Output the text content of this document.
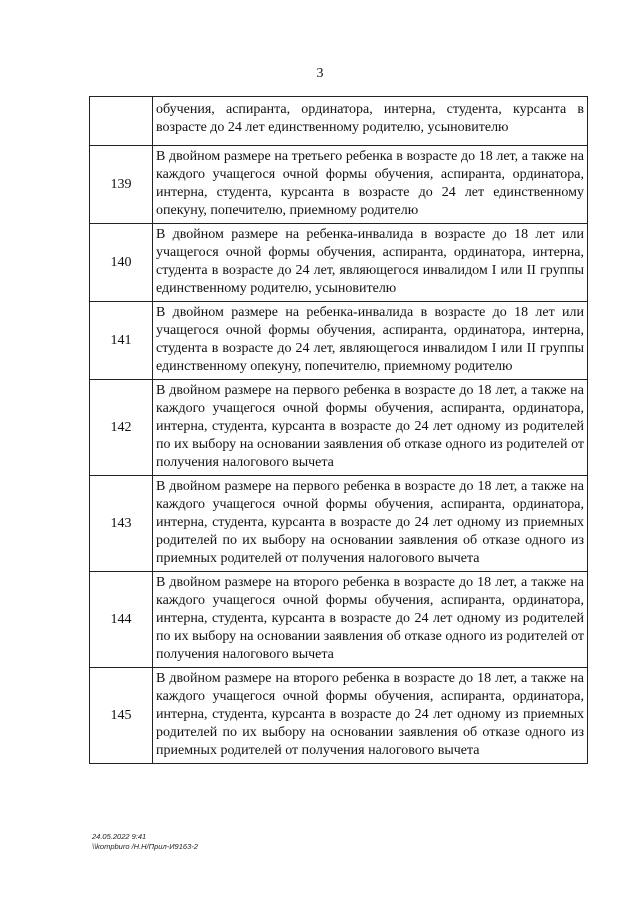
3
	обучения, аспиранта, ординатора, интерна, студента, курсанта в возрасте до 24 лет единственному родителю, усыновителю
139	В двойном размере на третьего ребенка в возрасте до 18 лет, а также на каждого учащегося очной формы обучения, аспиранта, ординатора, интерна, студента, курсанта в возрасте до 24 лет единственному опекуну, попечителю, приемному родителю
140	В двойном размере на ребенка-инвалида в возрасте до 18 лет или учащегося очной формы обучения, аспиранта, ординатора, интерна, студента в возрасте до 24 лет, являющегося инвалидом I или II группы единственному родителю, усыновителю
141	В двойном размере на ребенка-инвалида в возрасте до 18 лет или учащегося очной формы обучения, аспиранта, ординатора, интерна, студента в возрасте до 24 лет, являющегося инвалидом I или II группы единственному опекуну, попечителю, приемному родителю
142	В двойном размере на первого ребенка в возрасте до 18 лет, а также на каждого учащегося очной формы обучения, аспиранта, ординатора, интерна, студента, курсанта в возрасте до 24 лет одному из родителей по их выбору на основании заявления об отказе одного из родителей от получения налогового вычета
143	В двойном размере на первого ребенка в возрасте до 18 лет, а также на каждого учащегося очной формы обучения, аспиранта, ординатора, интерна, студента, курсанта в возрасте до 24 лет одному из приемных родителей по их выбору на основании заявления об отказе одного из приемных родителей от получения налогового вычета
144	В двойном размере на второго ребенка в возрасте до 18 лет, а также на каждого учащегося очной формы обучения, аспиранта, ординатора, интерна, студента, курсанта в возрасте до 24 лет одному из родителей по их выбору на основании заявления об отказе одного из родителей от получения налогового вычета
145	В двойном размере на второго ребенка в возрасте до 18 лет, а также на каждого учащегося очной формы обучения, аспиранта, ординатора, интерна, студента, курсанта в возрасте до 24 лет одному из приемных родителей по их выбору на основании заявления об отказе одного из приемных родителей от получения налогового вычета
24.05.2022 9:41
\\kompburo /Н.Н/Прил-И9163-2
